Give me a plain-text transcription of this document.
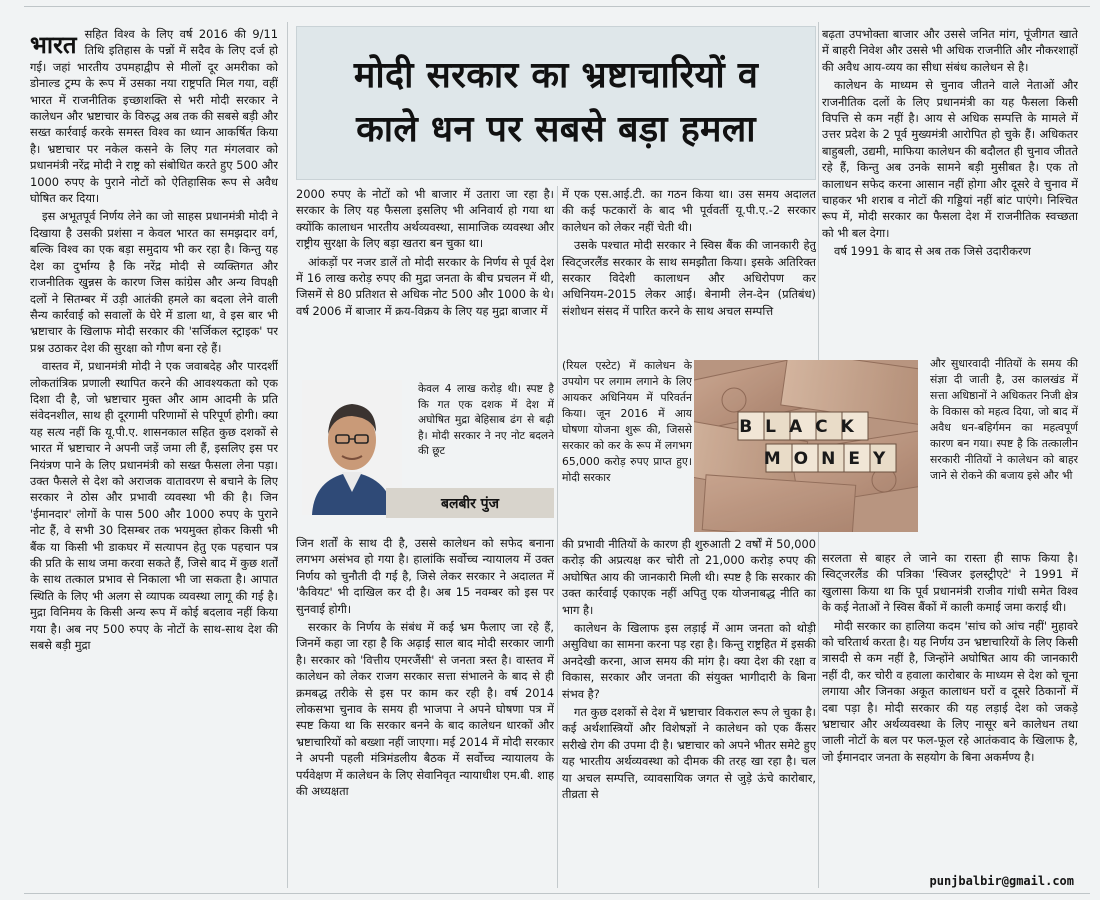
भारत सहित विश्व के लिए वर्ष 2016 की 9/11 तिथि इतिहास के पन्नों में सदैव के लिए दर्ज हो गई। जहां भारतीय उपमहाद्वीप से मीलों दूर अमरीका को डोनाल्ड ट्रम्प के रूप में उसका नया राष्ट्रपति मिल गया, वहीं भारत में राजनीतिक इच्छाशक्ति से भरी मोदी सरकार ने कालेधन और भ्रष्टाचार के विरुद्ध अब तक की सबसे बड़ी और सख्त कार्रवाई करके समस्त विश्व का ध्यान आकर्षित किया है। भ्रष्टाचार पर नकेल कसने के लिए गत मंगलवार को प्रधानमंत्री नरेंद्र मोदी ने राष्ट्र को संबोधित करते हुए 500 और 1000 रुपए के पुराने नोटों को ऐतिहासिक रूप से अवैध घोषित कर दिया।

इस अभूतपूर्व निर्णय लेने का जो साहस प्रधानमंत्री मोदी ने दिखाया है उसकी प्रशंसा न केवल भारत का समझदार वर्ग, बल्कि विश्व का एक बड़ा समुदाय भी कर रहा है। किन्तु यह देश का दुर्भाग्य है कि नरेंद्र मोदी से व्यक्तिगत और राजनीतिक खुन्नस के कारण जिस कांग्रेस और अन्य विपक्षी दलों ने सितम्बर में उड़ी आतंकी हमले का बदला लेने वाली सैन्य कार्रवाई को सवालों के घेरे में डाला था, वे इस बार भी भ्रष्टाचार के खिलाफ मोदी सरकार की 'सर्जिकल स्ट्राइक' पर प्रश्न उठाकर देश की सुरक्षा को गौण बना रहे हैं।

वास्तव में, प्रधानमंत्री मोदी ने एक जवाबदेह और पारदर्शी लोकतांत्रिक प्रणाली स्थापित करने की आवश्यकता को एक दिशा दी है, जो भ्रष्टाचार मुक्त और आम आदमी के प्रति संवेदनशील, साथ ही दूरगामी परिणामों से परिपूर्ण होगी। क्या यह सत्य नहीं कि यू.पी.ए. शासनकाल सहित कुछ दशकों से भारत में भ्रष्टाचार ने अपनी जड़ें जमा ली हैं, इसलिए इस पर नियंत्रण पाने के लिए प्रधानमंत्री को सख्त फैसला लेना पड़ा। उक्त फैसले से देश को अराजक वातावरण से बचाने के लिए सरकार ने ठोस और प्रभावी व्यवस्था भी की है। जिन 'ईमानदार' लोगों के पास 500 और 1000 रुपए के पुराने नोट हैं, वे सभी 30 दिसम्बर तक भयमुक्त होकर किसी भी बैंक या किसी भी डाकघर में सत्यापन हेतु एक पहचान पत्र की प्रति के साथ जमा करवा सकते हैं, जिसे बाद में कुछ शर्तों के साथ तत्काल प्रभाव से निकाला भी जा सकता है। आपात स्थिति के लिए भी अलग से व्यापक व्यवस्था लागू की गई है। मुद्रा विनिमय के किसी अन्य रूप में कोई बदलाव नहीं किया गया है। अब नए 500 रुपए के नोटों के साथ-साथ देश की सबसे बड़ी मुद्रा

मोदी सरकार का भ्रष्टाचारियों व
काले धन पर सबसे बड़ा हमला

2000 रुपए के नोटों को भी बाजार में उतारा जा रहा है। सरकार के लिए यह फैसला इसलिए भी अनिवार्य हो गया था क्योंकि कालाधन भारतीय अर्थव्यवस्था, सामाजिक व्यवस्था और राष्ट्रीय सुरक्षा के लिए बड़ा खतरा बन चुका था।

आंकड़ों पर नजर डालें तो मोदी सरकार के निर्णय से पूर्व देश में 16 लाख करोड़ रुपए की मुद्रा जनता के बीच प्रचलन में थी, जिसमें से 80 प्रतिशत से अधिक नोट 500 और 1000 के थे। वर्ष 2006 में बाजार में क्रय-विक्रय के लिए यह मुद्रा बाजार में

केवल 4 लाख करोड़ थी। स्पष्ट है कि गत एक दशक में देश में अघोषित मुद्रा बेहिसाब ढंग से बढ़ी है। मोदी सरकार ने नए नोट बदलने की छूट

बलबीर पुंज

जिन शर्तों के साथ दी है, उससे कालेधन को सफेद बनाना लगभग असंभव हो गया है। हालांकि सर्वोच्च न्यायालय में उक्त निर्णय को चुनौती दी गई है, जिसे लेकर सरकार ने अदालत में 'कैवियट' भी दाखिल कर दी है। अब 15 नवम्बर को इस पर सुनवाई होगी।

सरकार के निर्णय के संबंध में कई भ्रम फैलाए जा रहे हैं, जिनमें कहा जा रहा है कि अढ़ाई साल बाद मोदी सरकार जागी है। सरकार को 'वित्तीय एमरजैंसी' से जनता त्रस्त है। वास्तव में कालेधन को लेकर राजग सरकार सत्ता संभालने के बाद से ही क्रमबद्ध तरीके से इस पर काम कर रही है। वर्ष 2014 लोकसभा चुनाव के समय ही भाजपा ने अपने घोषणा पत्र में स्पष्ट किया था कि सरकार बनने के बाद कालेधन धारकों और भ्रष्टाचारियों को बख्शा नहीं जाएगा। मई 2014 में मोदी सरकार ने अपनी पहली मंत्रिमंडलीय बैठक में सर्वोच्च न्यायालय के पर्यवेक्षण में कालेधन के लिए सेवानिवृत न्यायाधीश एम.बी. शाह की अध्यक्षता

में एक एस.आई.टी. का गठन किया था। उस समय अदालत की कई फटकारों के बाद भी पूर्ववर्ती यू.पी.ए.-2 सरकार कालेधन को लेकर नहीं चेती थी।

उसके पश्चात मोदी सरकार ने स्विस बैंक की जानकारी हेतु स्विट्जरलैंड सरकार के साथ समझौता किया। इसके अतिरिक्त सरकार विदेशी कालाधन और अधिरोपण कर अधिनियम-2015 लेकर आई। बेनामी लेन-देन (प्रतिबंध) संशोधन संसद में पारित करने के साथ अचल सम्पत्ति

(रियल एस्टेट) में कालेधन के उपयोग पर लगाम लगाने के लिए आयकर अधिनियम में परिवर्तन किया। जून 2016 में आय घोषणा योजना शुरू की, जिससे सरकार को कर के रूप में लगभग 65,000 करोड़ रुपए प्राप्त हुए। मोदी सरकार

BLACK
MONEY

की प्रभावी नीतियों के कारण ही शुरुआती 2 वर्षों में 50,000 करोड़ की अप्रत्यक्ष कर चोरी तो 21,000 करोड़ रुपए की अघोषित आय की जानकारी मिली थी। स्पष्ट है कि सरकार की उक्त कार्रवाई एकाएक नहीं अपितु एक योजनाबद्ध नीति का भाग है।

कालेधन के खिलाफ इस लड़ाई में आम जनता को थोड़ी असुविधा का सामना करना पड़ रहा है। किन्तु राष्ट्रहित में इसकी अनदेखी करना, आज समय की मांग है। क्या देश की रक्षा व विकास, सरकार और जनता की संयुक्त भागीदारी के बिना संभव है?

गत कुछ दशकों से देश में भ्रष्टाचार विकराल रूप ले चुका है। कई अर्थशास्त्रियों और विशेषज्ञों ने कालेधन को एक कैंसर सरीखे रोग की उपमा दी है। भ्रष्टाचार को अपने भीतर समेटे हुए यह भारतीय अर्थव्यवस्था को दीमक की तरह खा रहा है। चल या अचल सम्पत्ति, व्यावसायिक जगत से जुड़े ऊंचे कारोबार, तीव्रता से

बढ़ता उपभोक्ता बाजार और उससे जनित मांग, पूंजीगत खाते में बाहरी निवेश और उससे भी अधिक राजनीति और नौकरशाहों की अवैध आय-व्यय का सीधा संबंध कालेधन से है।

कालेधन के माध्यम से चुनाव जीतने वाले नेताओं और राजनीतिक दलों के लिए प्रधानमंत्री का यह फैसला किसी विपत्ति से कम नहीं है। आय से अधिक सम्पत्ति के मामले में उत्तर प्रदेश के 2 पूर्व मुख्यमंत्री आरोपित हो चुके हैं। अधिकतर बाहुबली, उद्यमी, माफिया कालेधन की बदौलत ही चुनाव जीतते रहे हैं, किन्तु अब उनके सामने बड़ी मुसीबत है। एक तो कालाधन सफेद करना आसान नहीं होगा और दूसरे वे चुनाव में चाहकर भी शराब व नोटों की गड्डियां नहीं बांट पाएंगे। निश्चित रूप में, मोदी सरकार का फैसला देश में राजनीतिक स्वच्छता को भी बल देगा।

वर्ष 1991 के बाद से अब तक जिसे उदारीकरण

और सुधारवादी नीतियों के समय की संज्ञा दी जाती है, उस कालखंड में सत्ता अधिष्ठानों ने अधिकतर निजी क्षेत्र के विकास को महत्व दिया, जो बाद में अवैध धन-बहिर्गमन का महत्वपूर्ण कारण बन गया। स्पष्ट है कि तत्कालीन सरकारी नीतियों ने कालेधन को बाहर जाने से रोकने की बजाय इसे और भी

सरलता से बाहर ले जाने का रास्ता ही साफ किया है। स्विट्जरलैंड की पत्रिका 'स्विजर इलस्ट्रीएटे' ने 1991 में खुलासा किया था कि पूर्व प्रधानमंत्री राजीव गांधी समेत विश्व के कई नेताओं ने स्विस बैंकों में काली कमाई जमा कराई थी।

मोदी सरकार का हालिया कदम 'सांच को आंच नहीं' मुहावरे को चरितार्थ करता है। यह निर्णय उन भ्रष्टाचारियों के लिए किसी त्रासदी से कम नहीं है, जिन्होंने अघोषित आय की जानकारी नहीं दी, कर चोरी व हवाला कारोबार के माध्यम से देश को चूना लगाया और जिनका अकूत कालाधन घरों व दूसरे ठिकानों में दबा पड़ा है। मोदी सरकार की यह लड़ाई देश को जकड़े भ्रष्टाचार और अर्थव्यवस्था के लिए नासूर बने कालेधन तथा जाली नोटों के बल पर फल-फूल रहे आतंकवाद के खिलाफ है, जो ईमानदार जनता के सहयोग के बिना अकर्मण्य है।

punjbalbir@gmail.com
